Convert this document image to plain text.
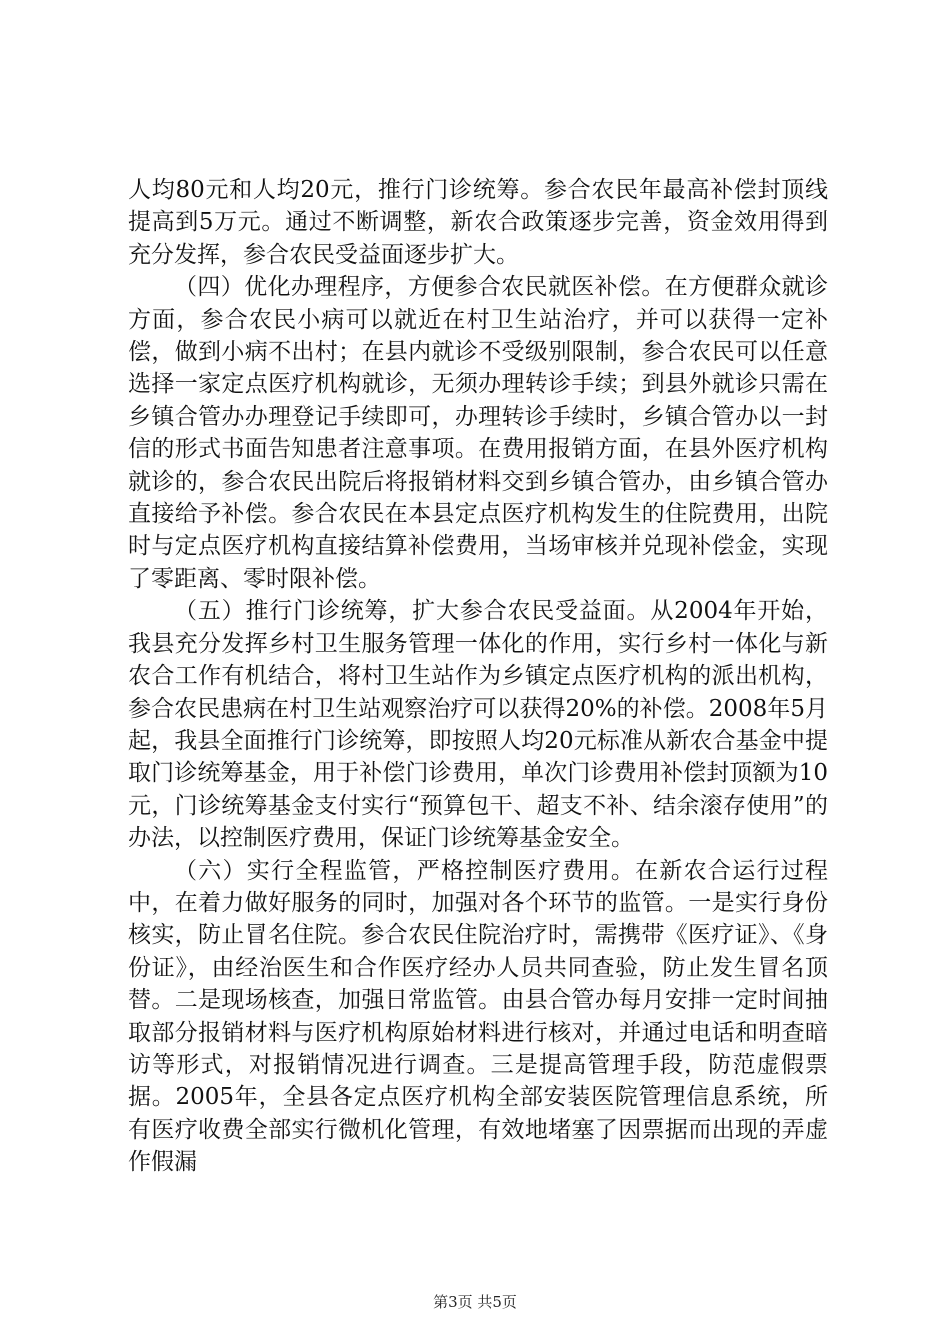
人均80元和人均20元，推行门诊统筹。参合农民年最高补偿封顶线提高到5万元。通过不断调整，新农合政策逐步完善，资金效用得到充分发挥，参合农民受益面逐步扩大。

（四）优化办理程序，方便参合农民就医补偿。在方便群众就诊方面，参合农民小病可以就近在村卫生站治疗，并可以获得一定补偿，做到小病不出村；在县内就诊不受级别限制，参合农民可以任意选择一家定点医疗机构就诊，无须办理转诊手续；到县外就诊只需在乡镇合管办办理登记手续即可，办理转诊手续时，乡镇合管办以一封信的形式书面告知患者注意事项。在费用报销方面，在县外医疗机构就诊的，参合农民出院后将报销材料交到乡镇合管办，由乡镇合管办直接给予补偿。参合农民在本县定点医疗机构发生的住院费用，出院时与定点医疗机构直接结算补偿费用，当场审核并兑现补偿金，实现了零距离、零时限补偿。

（五）推行门诊统筹，扩大参合农民受益面。从2004年开始，我县充分发挥乡村卫生服务管理一体化的作用，实行乡村一体化与新农合工作有机结合，将村卫生站作为乡镇定点医疗机构的派出机构，参合农民患病在村卫生站观察治疗可以获得20%的补偿。2008年5月起，我县全面推行门诊统筹，即按照人均20元标准从新农合基金中提取门诊统筹基金，用于补偿门诊费用，单次门诊费用补偿封顶额为10元，门诊统筹基金支付实行“预算包干、超支不补、结余滚存使用”的办法，以控制医疗费用，保证门诊统筹基金安全。

（六）实行全程监管，严格控制医疗费用。在新农合运行过程中，在着力做好服务的同时，加强对各个环节的监管。一是实行身份核实，防止冒名住院。参合农民住院治疗时，需携带《医疗证》、《身份证》，由经治医生和合作医疗经办人员共同查验，防止发生冒名顶替。二是现场核查，加强日常监管。由县合管办每月安排一定时间抽取部分报销材料与医疗机构原始材料进行核对，并通过电话和明查暗访等形式，对报销情况进行调查。三是提高管理手段，防范虚假票据。2005年，全县各定点医疗机构全部安装医院管理信息系统，所有医疗收费全部实行微机化管理，有效地堵塞了因票据而出现的弄虚作假漏

第3页 共5页
